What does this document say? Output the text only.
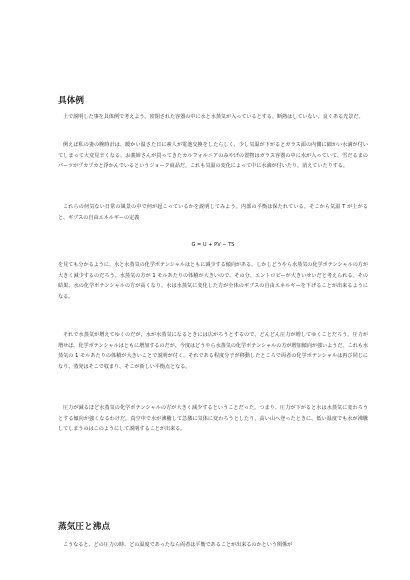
具体例

上で説明した事を具体例で考えよう。密閉された容器の中に水と水蒸気が入っているとする。断熱はしていない。良くある光景だ。

例えば私の妻の腕時計は、暖かい温さた日に素人が電池交換をしたらしく、少し気温が下がるとガラス面の内側に細かい水滴が付いてしまって大変見辛くなる。お義姉さんが買ってきたカルフォルニアのみやげの置物はガラス容器の中に水が入っていて、雪だるまのパーツがプカプカと浮かんでいるというジョーク商品だ。これも気温の変化によって中に水滴が付いたり、消えていたりする。

これらの何気ない日常の風景の中で何が起こっているかを説明してみよう。内部の平衡は保たれている。そこから気温 T が上がると、ギブスの自由エネルギーの定義

G = U + PV − TS

を見ても分かるように、水と水蒸気の化学ポテンシャルはともに減少する傾向がある。しかしどうやら水蒸気の化学ポテンシャルの方が大きく減少するのだろう。水蒸気の方が 1 モルあたりの体積が大きいので、その分、エントロピーが大きいせいだと考えられる。その結果、水の化学ポテンシャルの方が高くなり、水は水蒸気に変化した方が全体のギブスの自由エネルギーを下げることが出来るようになる。

それで水蒸気が増えてゆくのだが、水が水蒸気になるときには広がろうとするので、どんどん圧力が増してゆくことだろう。圧力が増せば、化学ポテンシャルはともに増加するのだが、今度はどうやら水蒸気の化学ポテンシャルの方が増加傾向が強いようだ。これも水蒸気の 1 モルあたりの体積が大きいことで説明が付く。それである程度分子が移動したところで両者の化学ポテンシャルは再び同じになり、蒸発はそこで収まり、そこが新しい平衡点となる。

圧力が減るほど水蒸気の化学ポテンシャルの方が大きく減少するということだった。つまり、圧力が下がると水は水蒸気に変わろうとする傾向が強くなるわけだ。真空中で水が沸騰して急激に気体に変わろうとしたり、高い山へ登ったときに、低い温度でも水が沸騰してしまうのはこのようにして説明することが出来る。

蒸気圧と沸点

こうなると、どの圧力の時、どの温度であったなら両者は平衡であることが出来るのかという関係が
